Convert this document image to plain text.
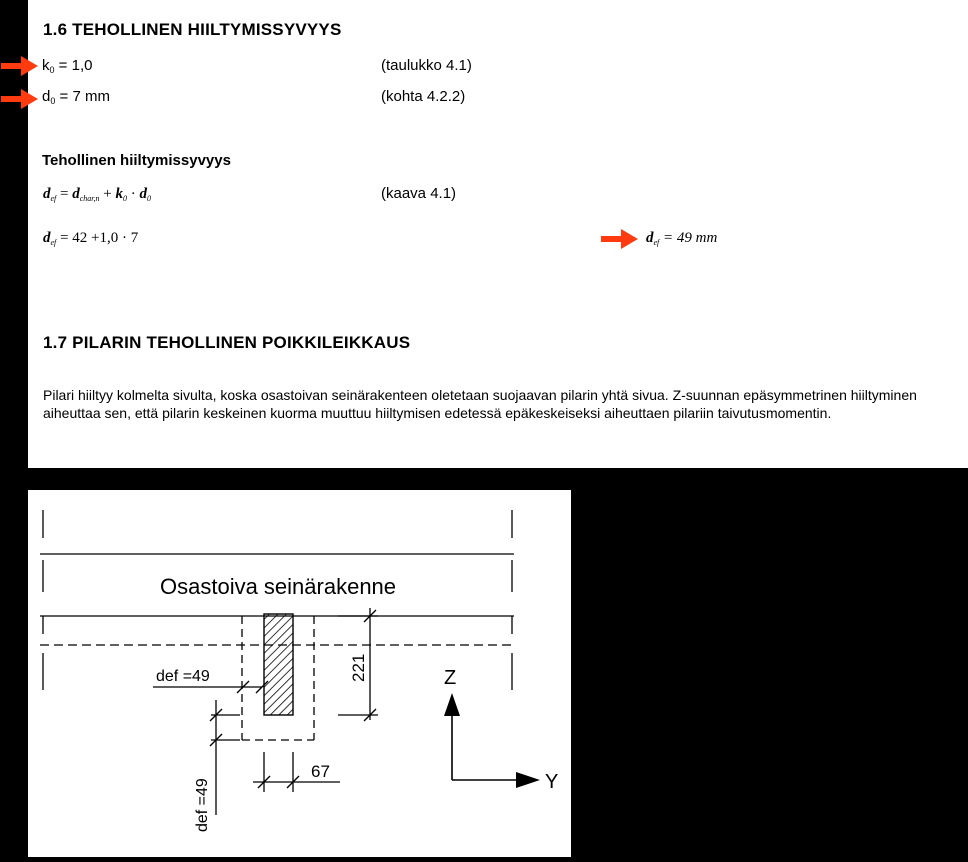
1.6 TEHOLLINEN HIILTYMISSYVYYS
$k_0 = 1,0$	(taulukko 4.1)
$d_0 = 7$ mm	(kohta 4.2.2)
Tehollinen hiiltymissyvyys
$d_{ef} = d_{char,n} + k_0 \cdot d_0$	(kaava 4.1)
$d_{ef} = 42 +1,0 \cdot 7$	$d_{ef} = 49$ mm
1.7 PILARIN TEHOLLINEN POIKKILEIKKAUS
Pilari hiiltyy kolmelta sivulta, koska osastoivan seinärakenteen oletetaan suojaavan pilarin yhtä sivua. Z-suunnan epäsymmetrinen hiiltyminen aiheuttaa sen, että pilarin keskeinen kuorma muuttuu hiiltymisen edetessä epäkeskeiseksi aiheuttaen pilariin taivutusmomentin.
Osastoiva seinärakenne
def =49	221
def =49
67
Z
Y
